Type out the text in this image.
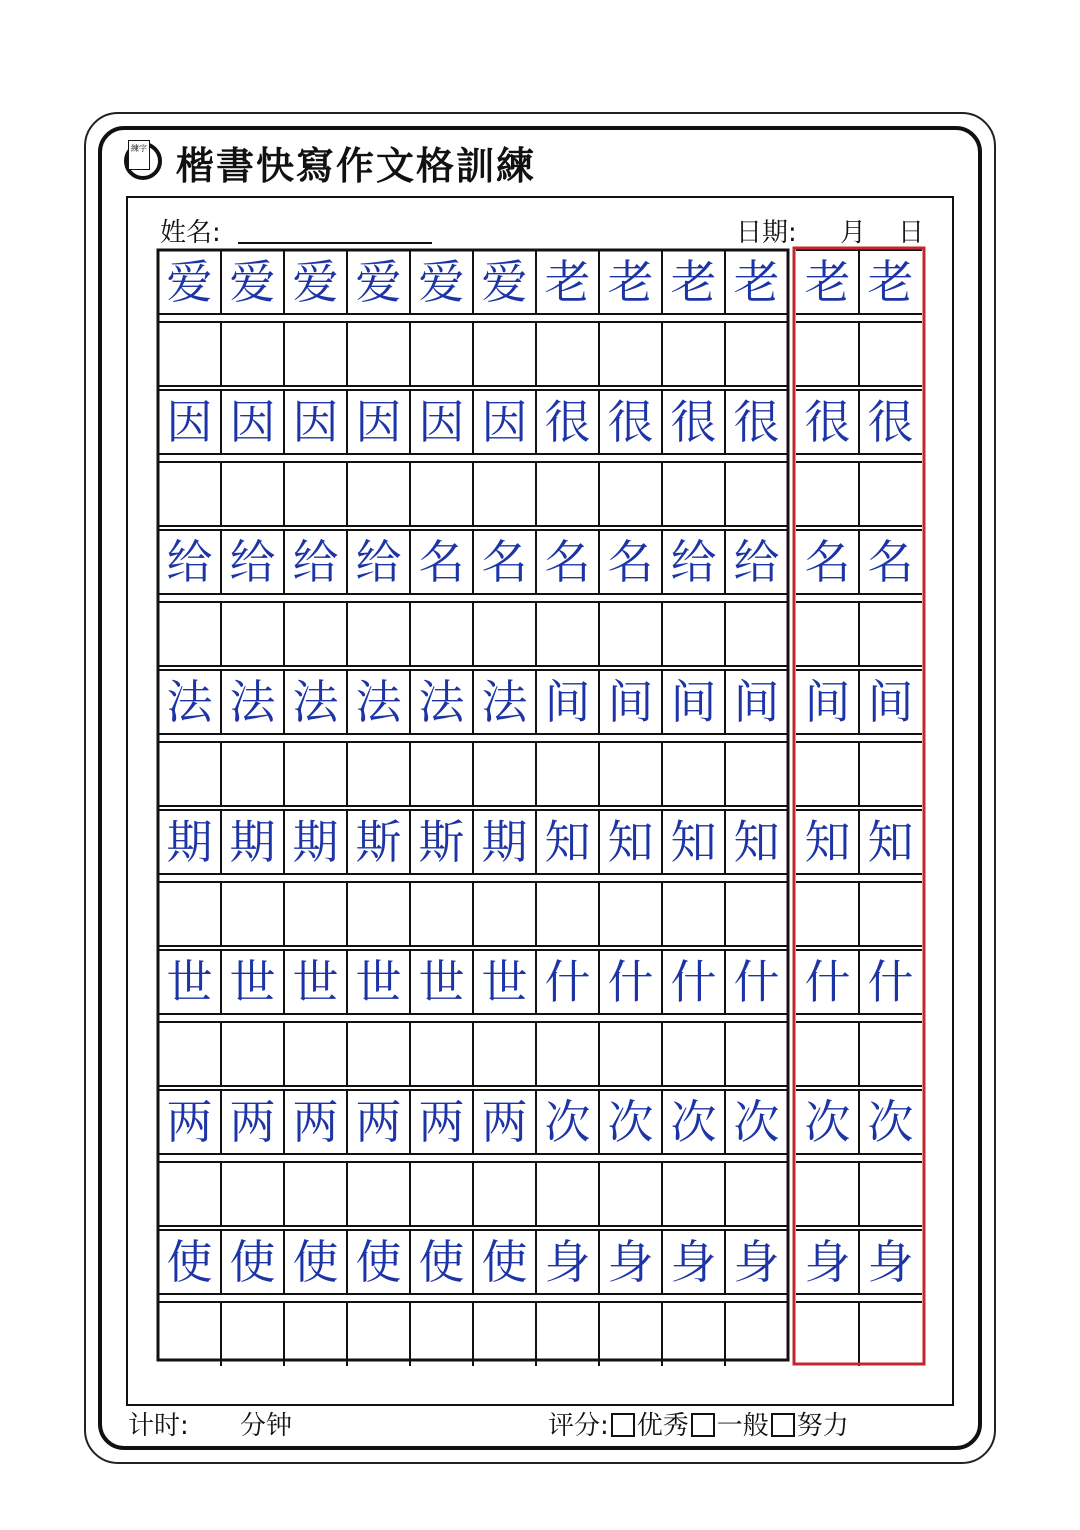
練字 楷書快寫作文格訓練
姓名:	日期: 月 日
爱 爱 爱 爱 爱 爱 老 老 老 老 老 老
因 因 因 因 因 因 很 很 很 很 很 很
给 给 给 给 名 名 名 名 给 给 名 名
法 法 法 法 法 法 间 间 间 间 间 间
期 期 期 斯 斯 期 知 知 知 知 知 知
世 世 世 世 世 世 什 什 什 什 什 什
两 两 两 两 两 两 次 次 次 次 次 次
使 使 使 使 使 使 身 身 身 身 身 身
计时: 分钟	评分: 优秀 一般 努力
